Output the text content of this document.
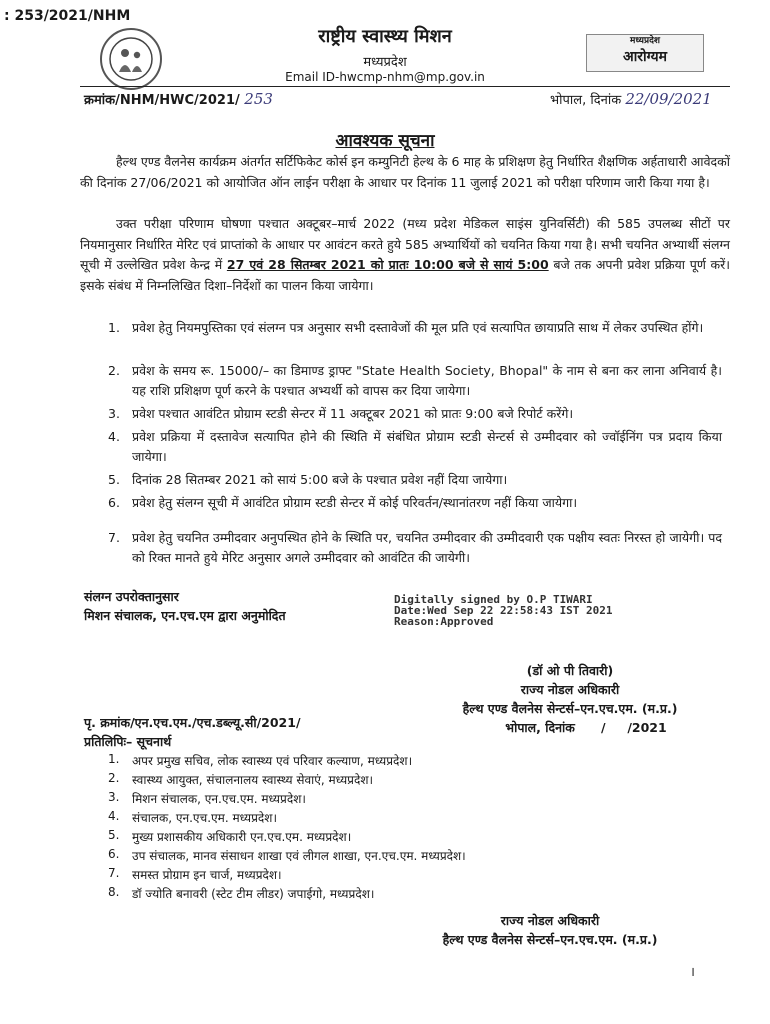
: 253/2021/NHM
राष्ट्रीय स्वास्थ्य मिशन
मध्यप्रदेश
Email ID-hwcmp-nhm@mp.gov.in
मध्यप्रदेश
आरोग्यम
क्रमांक/NHM/HWC/2021/ 253	भोपाल, दिनांक 22/09/2021
आवश्यक सूचना
हैल्थ एण्ड वैलनेस कार्यक्रम अंतर्गत सर्टिफिकेट कोर्स इन कम्युनिटी हेल्थ के 6 माह के प्रशिक्षण हेतु निर्धारित शैक्षणिक अर्हताधारी आवेदकों की दिनांक 27/06/2021 को आयोजित ऑन लाईन परीक्षा के आधार पर दिनांक 11 जुलाई 2021 को परीक्षा परिणाम जारी किया गया है।
उक्त परीक्षा परिणाम घोषणा पश्चात अक्टूबर–मार्च 2022 (मध्य प्रदेश मेडिकल साइंस युनिवर्सिटी) की 585 उपलब्ध सीटों पर नियमानुसार निर्धारित मेरिट एवं प्राप्तांको के आधार पर आवंटन करते हुये 585 अभ्यार्थियों को चयनित किया गया है। सभी चयनित अभ्यार्थी संलग्न सूची में उल्लेखित प्रवेश केन्द्र में 27 एवं 28 सितम्बर 2021 को प्रातः 10:00 बजे से सायं 5:00 बजे तक अपनी प्रवेश प्रक्रिया पूर्ण करें। इसके संबंध में निम्नलिखित दिशा–निर्देशों का पालन किया जायेगा।
1. प्रवेश हेतु नियमपुस्तिका एवं संलग्न पत्र अनुसार सभी दस्तावेजों की मूल प्रति एवं सत्यापित छायाप्रति साथ में लेकर उपस्थित होंगे।
2. प्रवेश के समय रू. 15000/– का डिमाण्ड ड्राफ्ट "State Health Society, Bhopal" के नाम से बना कर लाना अनिवार्य है। यह राशि प्रशिक्षण पूर्ण करने के पश्चात अभ्यर्थी को वापस कर दिया जायेगा।
3. प्रवेश पश्चात आवंटित प्रोग्राम स्टडी सेन्टर में 11 अक्टूबर 2021 को प्रातः 9:00 बजे रिपोर्ट करेंगे।
4. प्रवेश प्रक्रिया में दस्तावेज सत्यापित होने की स्थिति में संबंधित प्रोग्राम स्टडी सेन्टर्स से उम्मीदवार को ज्वॉईनिंग पत्र प्रदाय किया जायेगा।
5. दिनांक 28 सितम्बर 2021 को सायं 5:00 बजे के पश्चात प्रवेश नहीं दिया जायेगा।
6. प्रवेश हेतु संलग्न सूची में आवंटित प्रोग्राम स्टडी सेन्टर में कोई परिवर्तन/स्थानांतरण नहीं किया जायेगा।
7. प्रवेश हेतु चयनित उम्मीदवार अनुपस्थित होने के स्थिति पर, चयनित उम्मीदवार की उम्मीदवारी एक पक्षीय स्वतः निरस्त हो जायेगी। पद को रिक्त मानते हुये मेरिट अनुसार अगले उम्मीदवार को आवंटित की जायेगी।
संलग्न उपरोक्तानुसार
मिशन संचालक, एन.एच.एम द्वारा अनुमोदित
Digitally signed by O.P TIWARI
Date:Wed Sep 22 22:58:43 IST 2021
Reason:Approved
(डॉ ओ पी तिवारी)
राज्य नोडल अधिकारी
हैल्थ एण्ड वैलनेस सेन्टर्स–एन.एच.एम. (म.प्र.)
भोपाल, दिनांक      /     /2021
पृ. क्रमांक/एन.एच.एम./एच.डब्ल्यू.सी/2021/
प्रतिलिपिः– सूचनार्थ
1.	अपर प्रमुख सचिव, लोक स्वास्थ्य एवं परिवार कल्याण, मध्यप्रदेश।
2.	स्वास्थ्य आयुक्त, संचालनालय स्वास्थ्य सेवाएं, मध्यप्रदेश।
3.	मिशन संचालक, एन.एच.एम. मध्यप्रदेश।
4.	संचालक, एन.एच.एम. मध्यप्रदेश।
5.	मुख्य प्रशासकीय अधिकारी एन.एच.एम. मध्यप्रदेश।
6.	उप संचालक, मानव संसाधन शाखा एवं लीगल शाखा, एन.एच.एम. मध्यप्रदेश।
7.	समस्त प्रोग्राम इन चार्ज, मध्यप्रदेश।
8.	डॉ ज्योति बनावरी (स्टेट टीम लीडर) जपाईगो, मध्यप्रदेश।
राज्य नोडल अधिकारी
हैल्थ एण्ड वैलनेस सेन्टर्स–एन.एच.एम. (म.प्र.)
।
